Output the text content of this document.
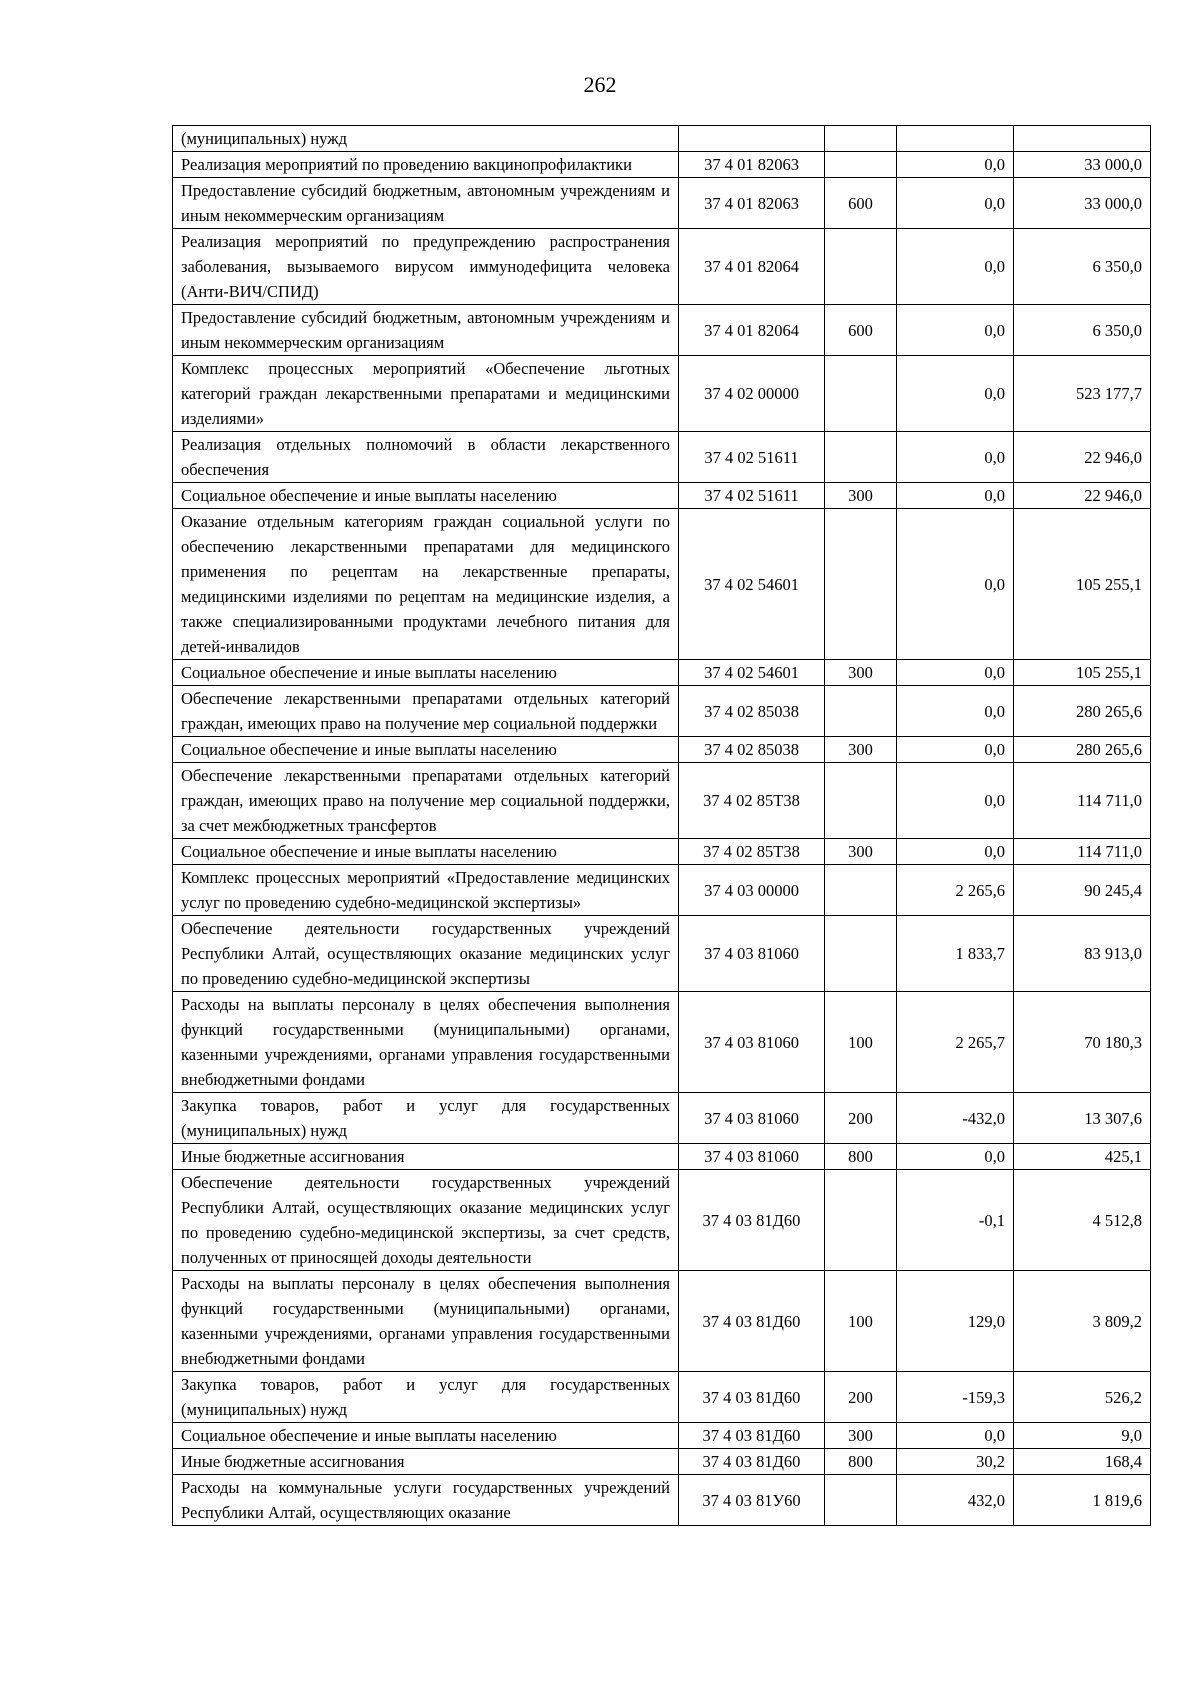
262
(муниципальных) нужд				
Реализация мероприятий по проведению вакцинопрофилактики	37 4 01 82063		0,0	33 000,0
Предоставление субсидий бюджетным, автономным учреждениям и иным некоммерческим организациям	37 4 01 82063	600	0,0	33 000,0
Реализация мероприятий по предупреждению распространения заболевания, вызываемого вирусом иммунодефицита человека (Анти-ВИЧ/СПИД)	37 4 01 82064		0,0	6 350,0
Предоставление субсидий бюджетным, автономным учреждениям и иным некоммерческим организациям	37 4 01 82064	600	0,0	6 350,0
Комплекс процессных мероприятий «Обеспечение льготных категорий граждан лекарственными препаратами и медицинскими изделиями»	37 4 02 00000		0,0	523 177,7
Реализация отдельных полномочий в области лекарственного обеспечения	37 4 02 51611		0,0	22 946,0
Социальное обеспечение и иные выплаты населению	37 4 02 51611	300	0,0	22 946,0
Оказание отдельным категориям граждан социальной услуги по обеспечению лекарственными препаратами для медицинского применения по рецептам на лекарственные препараты, медицинскими изделиями по рецептам на медицинские изделия, а также специализированными продуктами лечебного питания для детей-инвалидов	37 4 02 54601		0,0	105 255,1
Социальное обеспечение и иные выплаты населению	37 4 02 54601	300	0,0	105 255,1
Обеспечение лекарственными препаратами отдельных категорий граждан, имеющих право на получение мер социальной поддержки	37 4 02 85038		0,0	280 265,6
Социальное обеспечение и иные выплаты населению	37 4 02 85038	300	0,0	280 265,6
Обеспечение лекарственными препаратами отдельных категорий граждан, имеющих право на получение мер социальной поддержки, за счет межбюджетных трансфертов	37 4 02 85Т38		0,0	114 711,0
Социальное обеспечение и иные выплаты населению	37 4 02 85Т38	300	0,0	114 711,0
Комплекс процессных мероприятий «Предоставление медицинских услуг по проведению судебно-медицинской экспертизы»	37 4 03 00000		2 265,6	90 245,4
Обеспечение деятельности государственных учреждений Республики Алтай, осуществляющих оказание медицинских услуг по проведению судебно-медицинской экспертизы	37 4 03 81060		1 833,7	83 913,0
Расходы на выплаты персоналу в целях обеспечения выполнения функций государственными (муниципальными) органами, казенными учреждениями, органами управления государственными внебюджетными фондами	37 4 03 81060	100	2 265,7	70 180,3
Закупка товаров, работ и услуг для государственных (муниципальных) нужд	37 4 03 81060	200	-432,0	13 307,6
Иные бюджетные ассигнования	37 4 03 81060	800	0,0	425,1
Обеспечение деятельности государственных учреждений Республики Алтай, осуществляющих оказание медицинских услуг по проведению судебно-медицинской экспертизы, за счет средств, полученных от приносящей доходы деятельности	37 4 03 81Д60		-0,1	4 512,8
Расходы на выплаты персоналу в целях обеспечения выполнения функций государственными (муниципальными) органами, казенными учреждениями, органами управления государственными внебюджетными фондами	37 4 03 81Д60	100	129,0	3 809,2
Закупка товаров, работ и услуг для государственных (муниципальных) нужд	37 4 03 81Д60	200	-159,3	526,2
Социальное обеспечение и иные выплаты населению	37 4 03 81Д60	300	0,0	9,0
Иные бюджетные ассигнования	37 4 03 81Д60	800	30,2	168,4
Расходы на коммунальные услуги государственных учреждений Республики Алтай, осуществляющих оказание	37 4 03 81У60		432,0	1 819,6
